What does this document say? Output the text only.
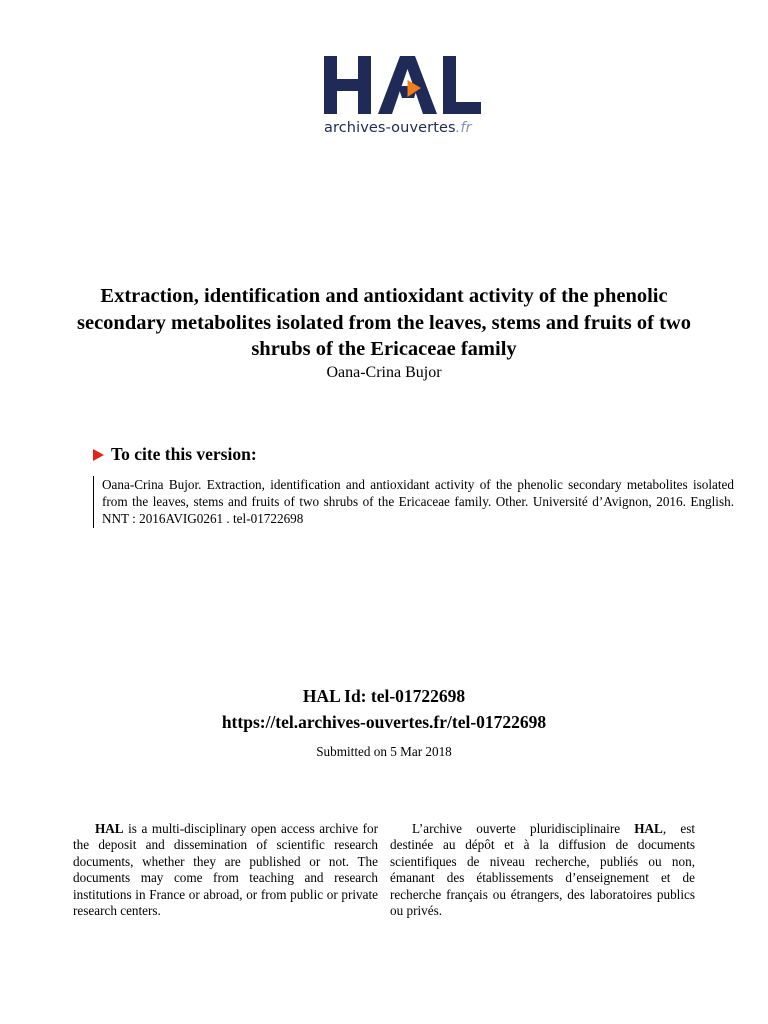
archives-ouvertes.fr
Extraction, identification and antioxidant activity of the phenolic secondary metabolites isolated from the leaves, stems and fruits of two shrubs of the Ericaceae family
Oana-Crina Bujor
To cite this version:
Oana-Crina Bujor. Extraction, identification and antioxidant activity of the phenolic secondary metabolites isolated from the leaves, stems and fruits of two shrubs of the Ericaceae family. Other. Université d’Avignon, 2016. English. NNT : 2016AVIG0261 . tel-01722698
HAL Id: tel-01722698
https://tel.archives-ouvertes.fr/tel-01722698
Submitted on 5 Mar 2018
HAL is a multi-disciplinary open access archive for the deposit and dissemination of scientific research documents, whether they are published or not. The documents may come from teaching and research institutions in France or abroad, or from public or private research centers.
L’archive ouverte pluridisciplinaire HAL, est destinée au dépôt et à la diffusion de documents scientifiques de niveau recherche, publiés ou non, émanant des établissements d’enseignement et de recherche français ou étrangers, des laboratoires publics ou privés.
